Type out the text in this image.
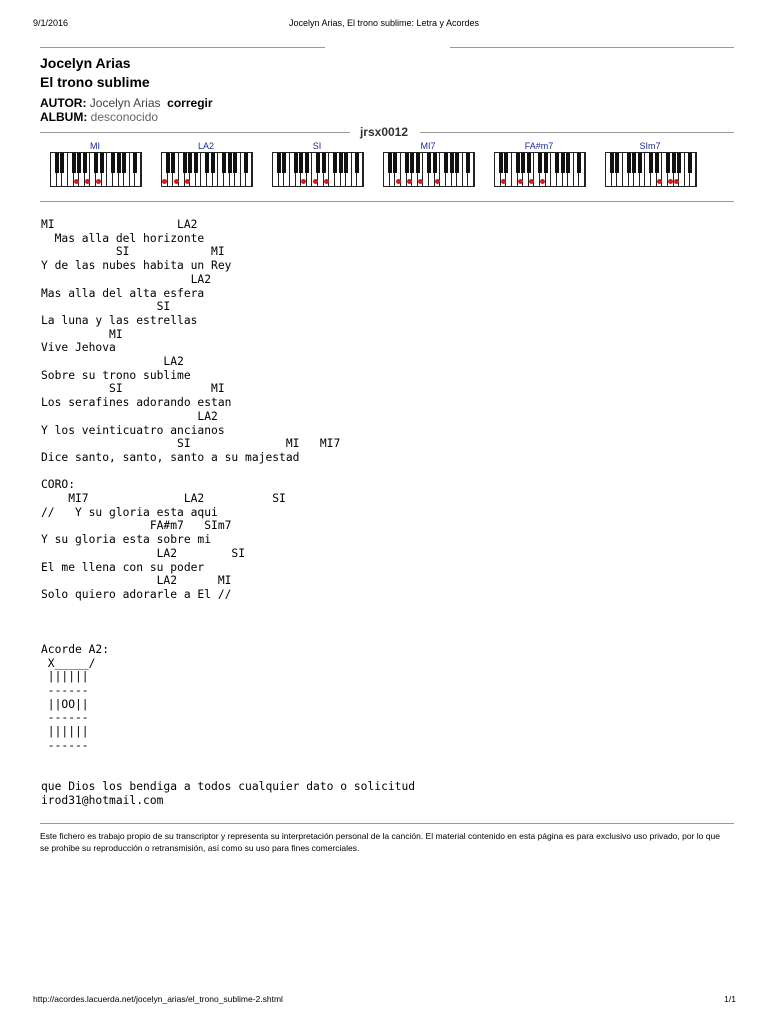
9/1/2016	Jocelyn Arias, El trono sublime: Letra y Acordes
Jocelyn Arias
El trono sublime
AUTOR: Jocelyn Arias corregir
ALBUM: desconocido
jrsx0012
MI	LA2	SI	MI7	FA#m7	SIm7
MI                  LA2
Mas alla del horizonte
SI            MI
Y de las nubes habita un Rey
LA2
Mas alla del alta esfera
SI
La luna y las estrellas
MI
Vive Jehova
LA2
Sobre su trono sublime
SI             MI
Los serafines adorando estan
LA2
Y los veinticuatro ancianos
SI              MI   MI7
Dice santo, santo, santo a su majestad

CORO:
MI7              LA2          SI
//   Y su gloria esta aqui
FA#m7   SIm7
Y su gloria esta sobre mi
LA2        SI
El me llena con su poder
LA2      MI
Solo quiero adorarle a El //

Acorde A2:
X_____/
||||||
------
||OO||
------
||||||
------

que Dios los bendiga a todos cualquier dato o solicitud
irod31@hotmail.com
Este fichero es trabajo propio de su transcriptor y representa su interpretación personal de la canción. El material contenido en esta página es para exclusivo uso privado, por lo que se prohibe su reproducción o retransmisión, así como su uso para fines comerciales.
http://acordes.lacuerda.net/jocelyn_arias/el_trono_sublime-2.shtml	1/1
